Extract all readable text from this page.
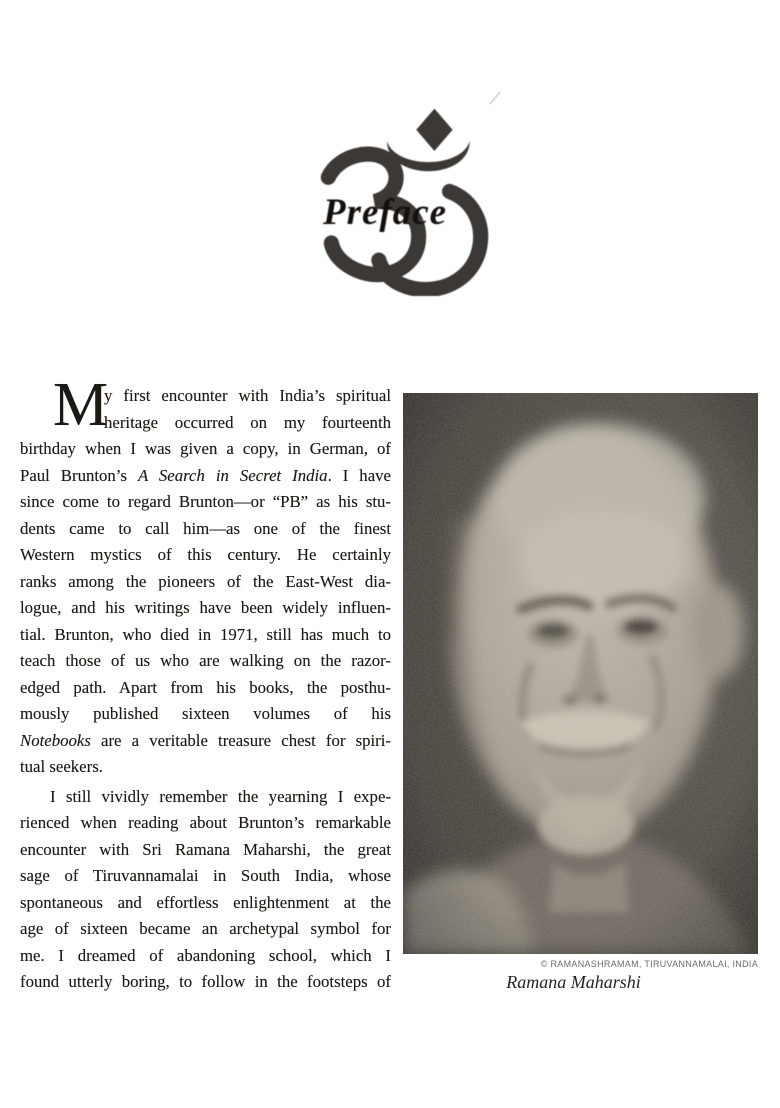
Preface
M
y first encounter with India’s spiritual
heritage occurred on my fourteenth
birthday when I was given a copy, in German, of
Paul Brunton’s A Search in Secret India. I have
since come to regard Brunton—or “PB” as his stu-
dents came to call him—as one of the finest
Western mystics of this century. He certainly
ranks among the pioneers of the East-West dia-
logue, and his writings have been widely influen-
tial. Brunton, who died in 1971, still has much to
teach those of us who are walking on the razor-
edged path. Apart from his books, the posthu-
mously published sixteen volumes of his
Notebooks are a veritable treasure chest for spiri-
tual seekers.
I still vividly remember the yearning I expe-
rienced when reading about Brunton’s remarkable
encounter with Sri Ramana Maharshi, the great
sage of Tiruvannamalai in South India, whose
spontaneous and effortless enlightenment at the
age of sixteen became an archetypal symbol for
me. I dreamed of abandoning school, which I
found utterly boring, to follow in the footsteps of
© RAMANASHRAMAM, TIRUVANNAMALAI, INDIA
Ramana Maharshi
